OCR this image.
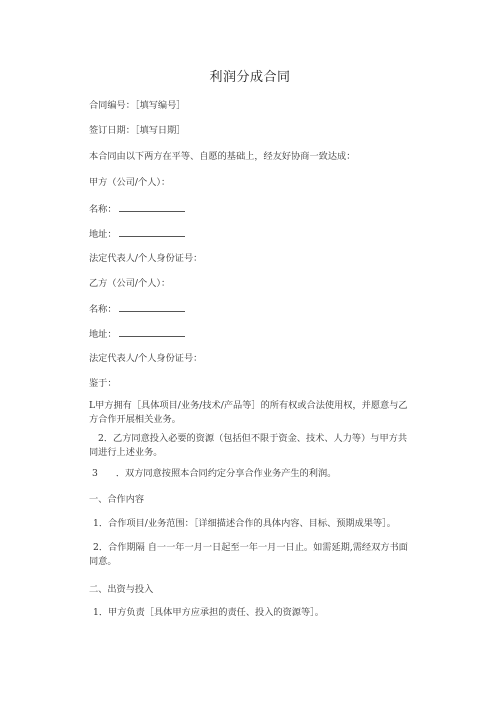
利润分成合同
合同编号：［填写编号］
签订日期：［填写日期］
本合同由以下两方在平等、自愿的基础上，经友好协商一致达成：
甲方（公司/个人）：
名称：
地址：
法定代表人/个人身份证号：
乙方（公司/个人）：
名称：
地址：
法定代表人/个人身份证号：
鉴于：
L甲方拥有［具体项目/业务/技术/产品等］的所有权或合法使用权，并愿意与乙方合作开展相关业务。
2．乙方同意投入必要的资源（包括但不限于资金、技术、人力等）与甲方共同进行上述业务。
3 ．双方同意按照本合同约定分享合作业务产生的利润。
一、合作内容
1．合作项目/业务范围：［详细描述合作的具体内容、目标、预期成果等］。
2．合作期隔 自一一年一月一日起至一年一月一日止。如需延期,需经双方书面同意。
二、出资与投入
1．甲方负责［具体甲方应承担的责任、投入的资源等］。
